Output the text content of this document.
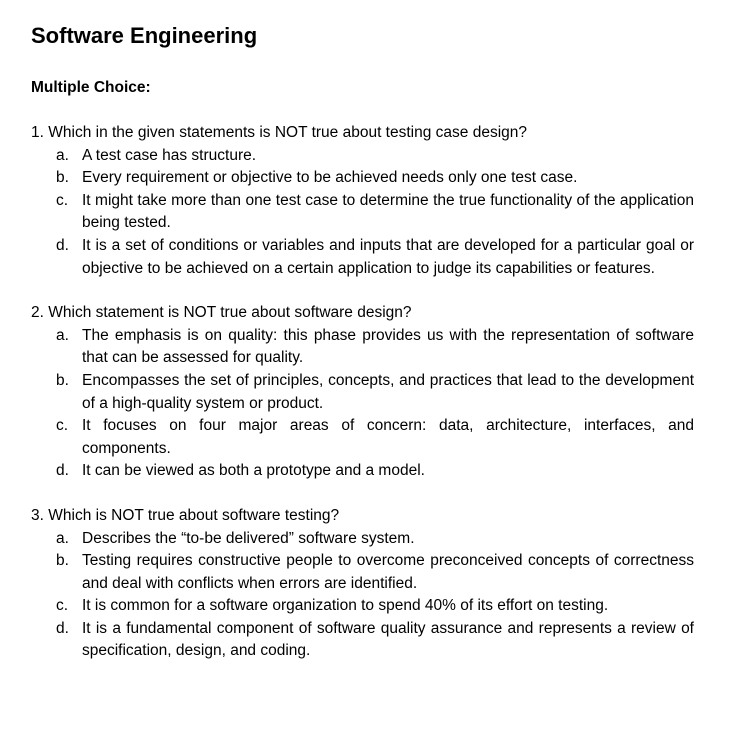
Software Engineering
Multiple Choice:
1.
Which in the given statements is NOT true about testing case design?
a. A test case has structure.
b. Every requirement or objective to be achieved needs only one test case.
c. It might take more than one test case to determine the true functionality of the application being tested.
d. It is a set of conditions or variables and inputs that are developed for a particular goal or objective to be achieved on a certain application to judge its capabilities or features.
2.
Which statement is NOT true about software design?
a. The emphasis is on quality: this phase provides us with the representation of software that can be assessed for quality.
b. Encompasses the set of principles, concepts, and practices that lead to the development of a high-quality system or product.
c. It focuses on four major areas of concern: data, architecture, interfaces, and components.
d. It can be viewed as both a prototype and a model.
3.
Which is NOT true about software testing?
a. Describes the “to-be delivered” software system.
b. Testing requires constructive people to overcome preconceived concepts of correctness and deal with conflicts when errors are identified.
c. It is common for a software organization to spend 40% of its effort on testing.
d. It is a fundamental component of software quality assurance and represents a review of specification, design, and coding.
